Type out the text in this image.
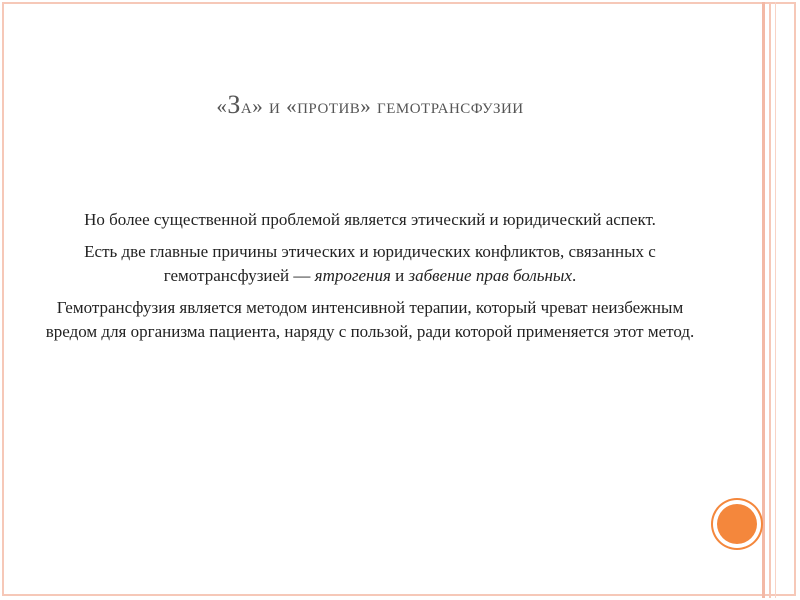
«За» и «против» гемотрансфузии

Но более существенной проблемой является этический и юридический аспект.

Есть две главные причины этических и юридических конфликтов, связанных с гемотрансфузией — ятрогения и забвение прав больных.

Гемотрансфузия является методом интенсивной терапии, который чреват неизбежным вредом для организма пациента, наряду с пользой, ради которой применяется этот метод.
